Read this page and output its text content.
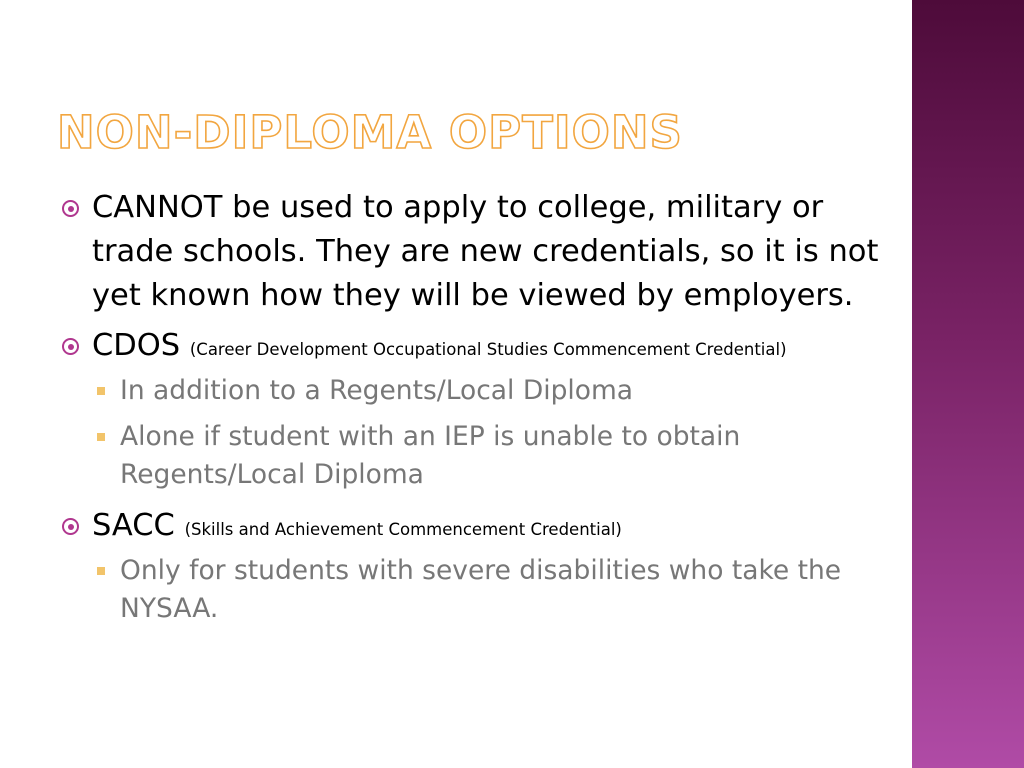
NON-DIPLOMA OPTIONS
CANNOT be used to apply to college, military or trade schools. They are new credentials, so it is not yet known how they will be viewed by employers.
CDOS (Career Development Occupational Studies Commencement Credential)
In addition to a Regents/Local Diploma
Alone if student with an IEP is unable to obtain Regents/Local Diploma
SACC (Skills and Achievement Commencement Credential)
Only for students with severe disabilities who take the NYSAA.
